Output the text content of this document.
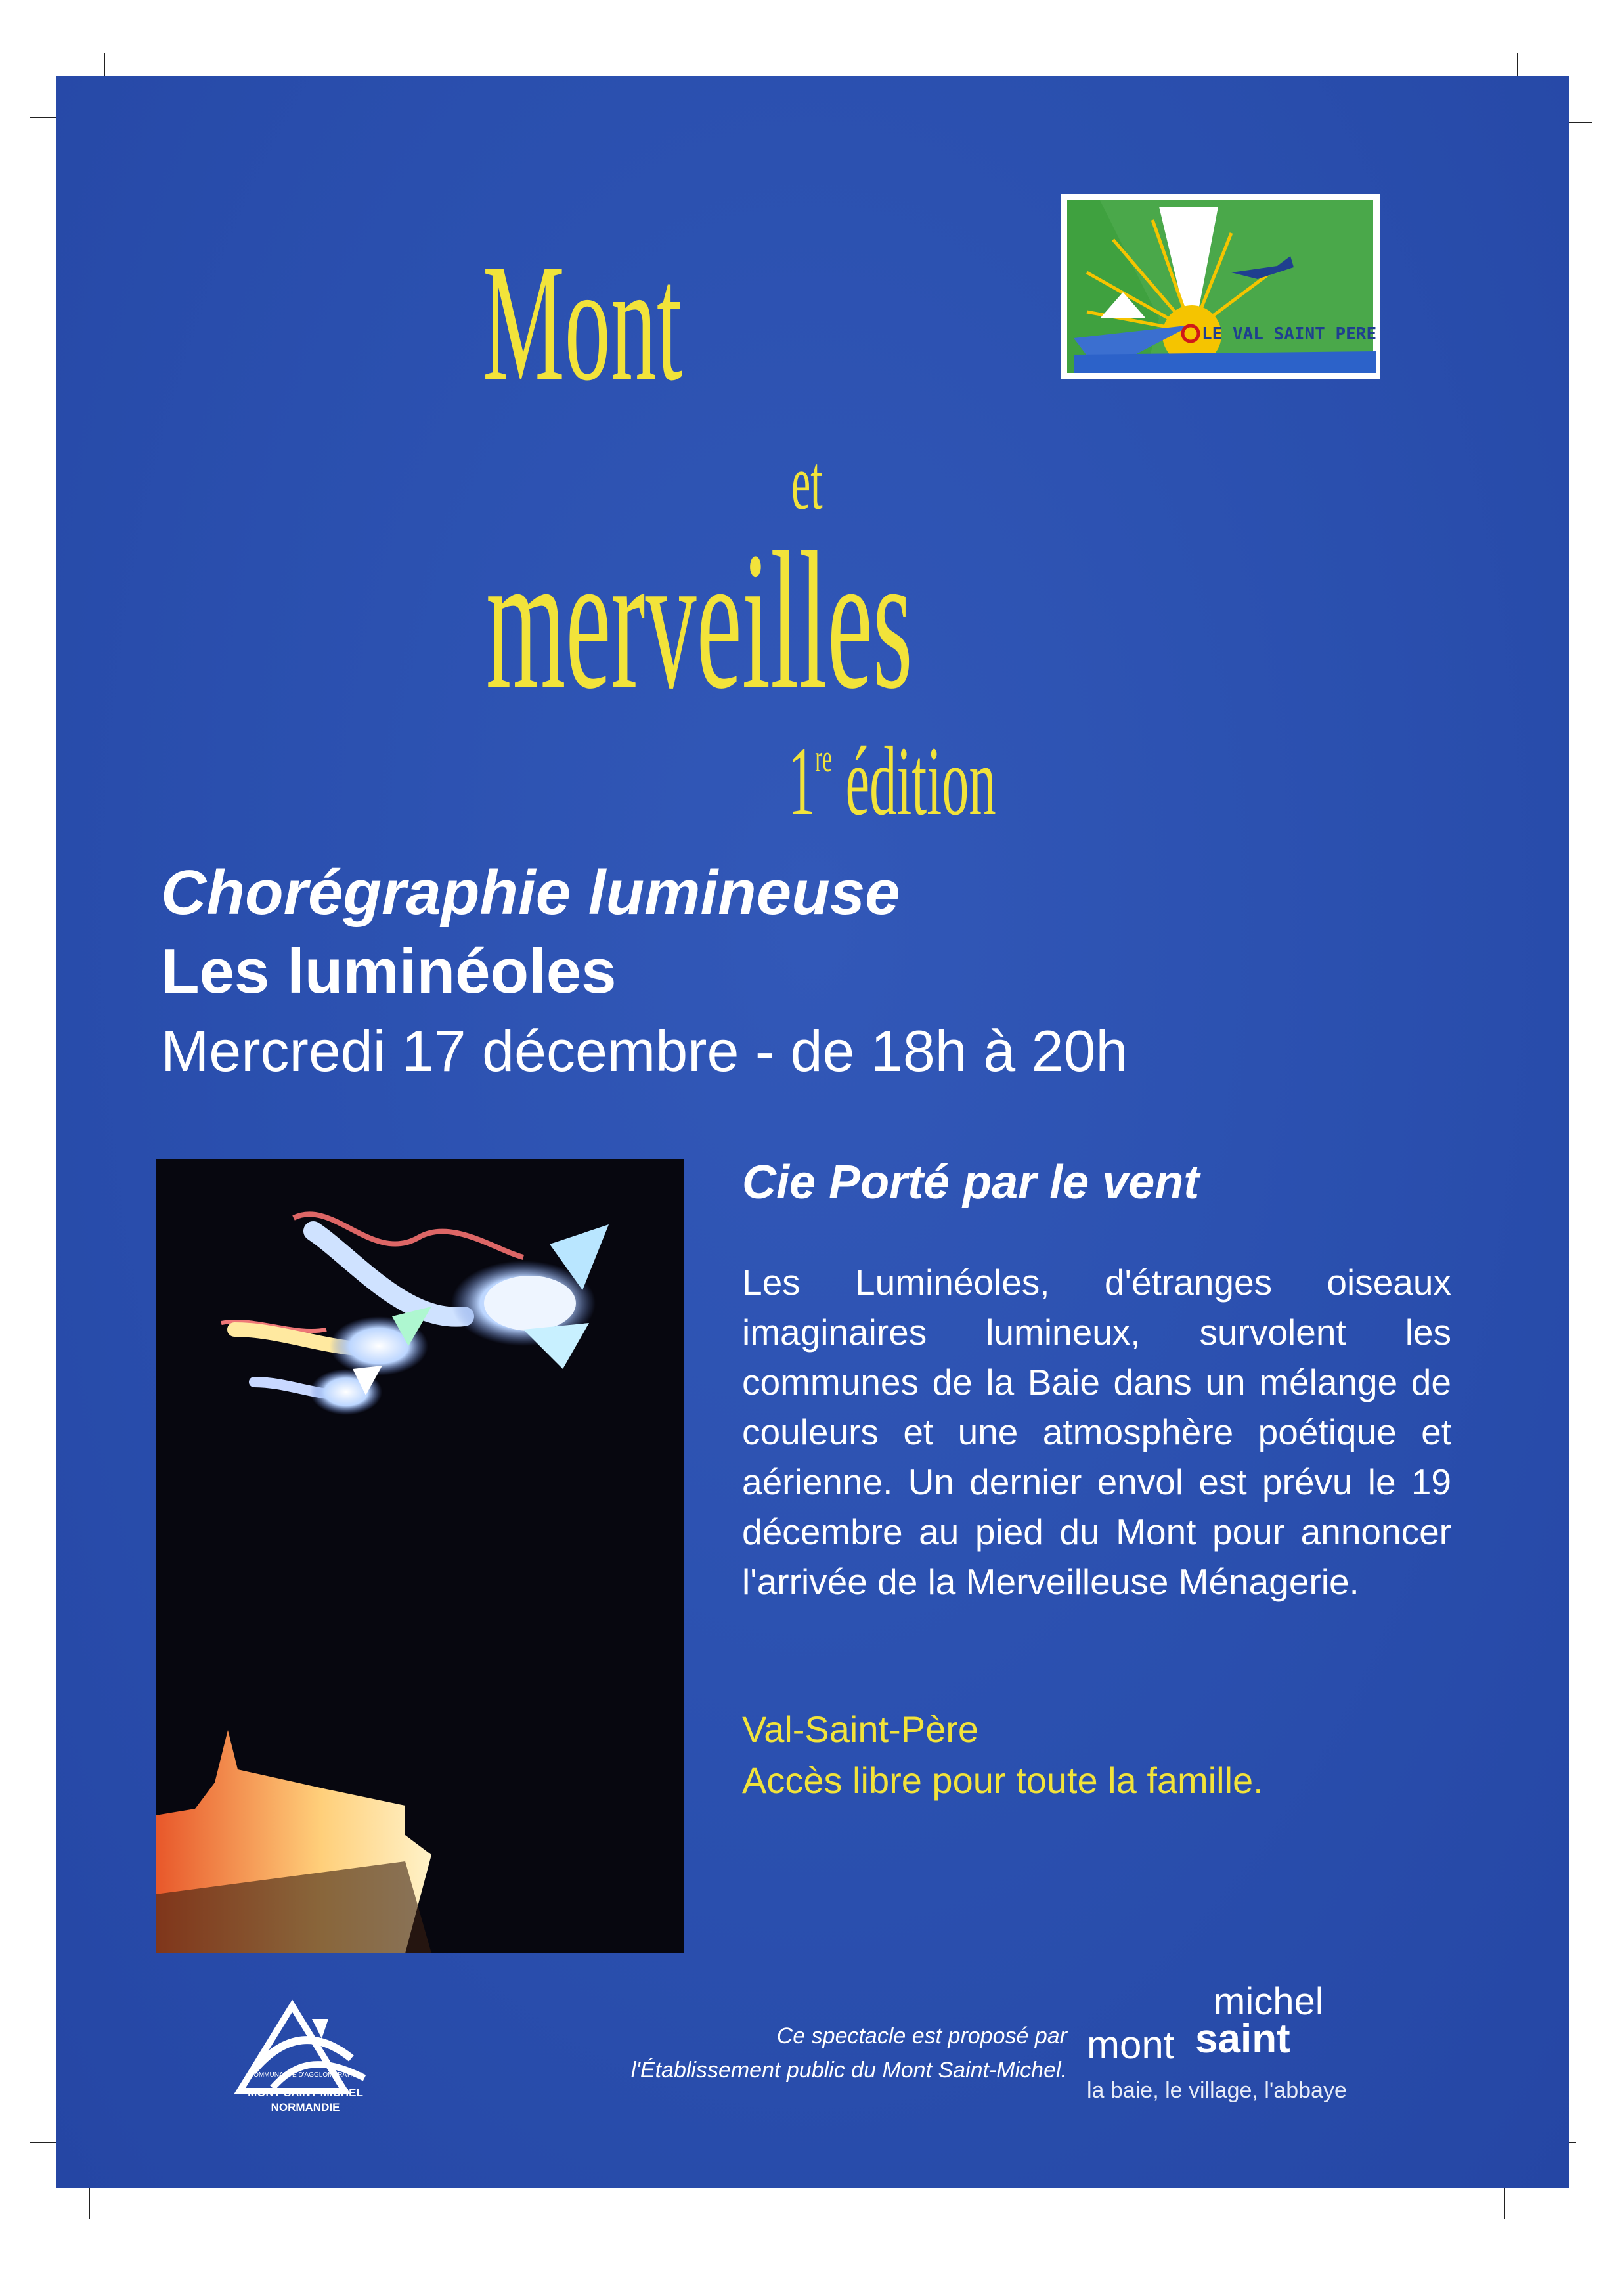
LE VAL SAINT PERE
Mont
et
merveilles
1re édition
Chorégraphie lumineuse
Les luminéoles
Mercredi 17 décembre - de 18h à 20h
Cie Porté par le vent
Les Luminéoles, d'étranges oiseaux imaginaires lumineux, survolent les communes de la Baie dans un mélange de couleurs et une atmosphère poétique et aérienne. Un dernier envol est prévu le 19 décembre au pied du Mont pour annoncer l'arrivée de la Merveilleuse Ménagerie.
Val-Saint-Père
Accès libre pour toute la famille.
COMMUNAUTÉ D'AGGLOMÉRATION
MONT SAINT-MICHEL
NORMANDIE
Ce spectacle est proposé par
l'Établissement public du Mont Saint-Michel.
mont saint
michel
la baie, le village, l'abbaye
